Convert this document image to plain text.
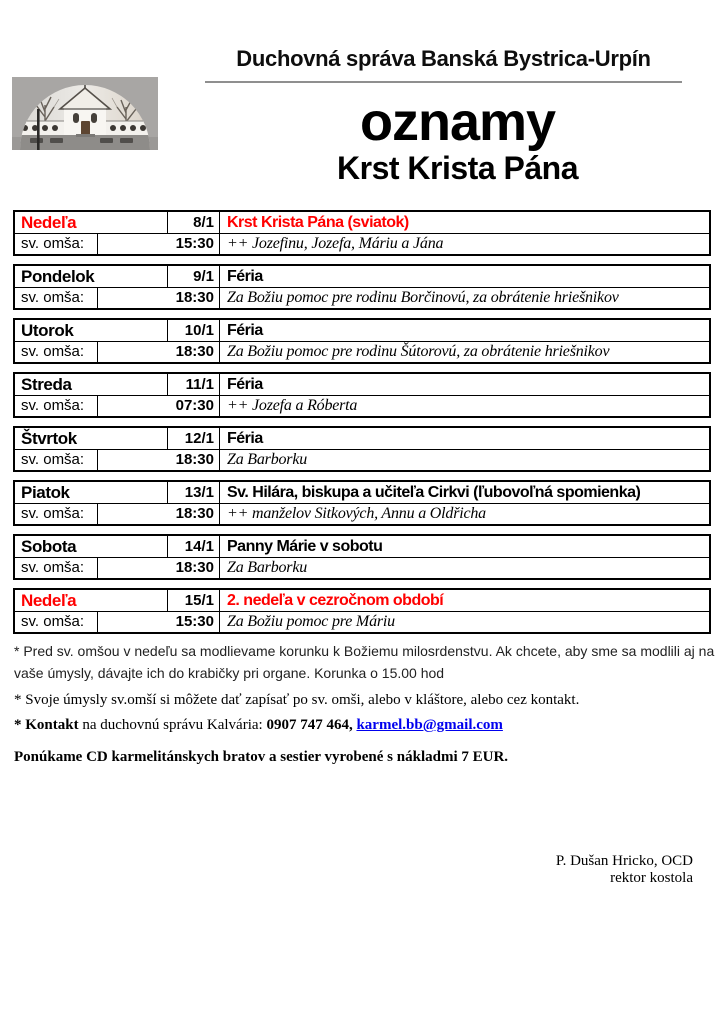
Duchovná správa Banská Bystrica-Urpín
oznamy
Krst Krista Pána
Nedeľa	8/1 Krst Krista Pána (sviatok)
sv. omša:	15:30 ++ Jozefinu, Jozefa, Máriu a Jána
Pondelok	9/1 Féria
sv. omša:	18:30 Za Božiu pomoc pre rodinu Borčinovú, za obrátenie hriešnikov
Utorok	10/1 Féria
sv. omša:	18:30 Za Božiu pomoc pre rodinu Šútorovú, za obrátenie hriešnikov
Streda	11/1 Féria
sv. omša:	07:30 ++ Jozefa a Róberta
Štvrtok	12/1 Féria
sv. omša:	18:30 Za Barborku
Piatok	13/1 Sv. Hilára, biskupa a učiteľa Cirkvi (ľubovoľná spomienka)
sv. omša:	18:30 ++ manželov Sitkových, Annu a Oldřicha
Sobota	14/1 Panny Márie v sobotu
sv. omša:	18:30 Za Barborku
Nedeľa	15/1 2. nedeľa v cezročnom období
sv. omša:	15:30 Za Božiu pomoc pre Máriu
* Pred sv. omšou v nedeľu sa modlievame korunku k Božiemu milosrdenstvu. Ak chcete, aby sme sa modlili aj na vaše úmysly, dávajte ich do krabičky pri organe. Korunka o 15.00 hod
* Svoje úmysly sv.omší si môžete dať zapísať po sv. omši, alebo v kláštore, alebo cez kontakt.
* Kontakt na duchovnú správu Kalvária: 0907 747 464, karmel.bb@gmail.com
Ponúkame CD karmelitánskych bratov a sestier vyrobené s nákladmi 7 EUR.
P. Dušan Hricko, OCD
rektor kostola
